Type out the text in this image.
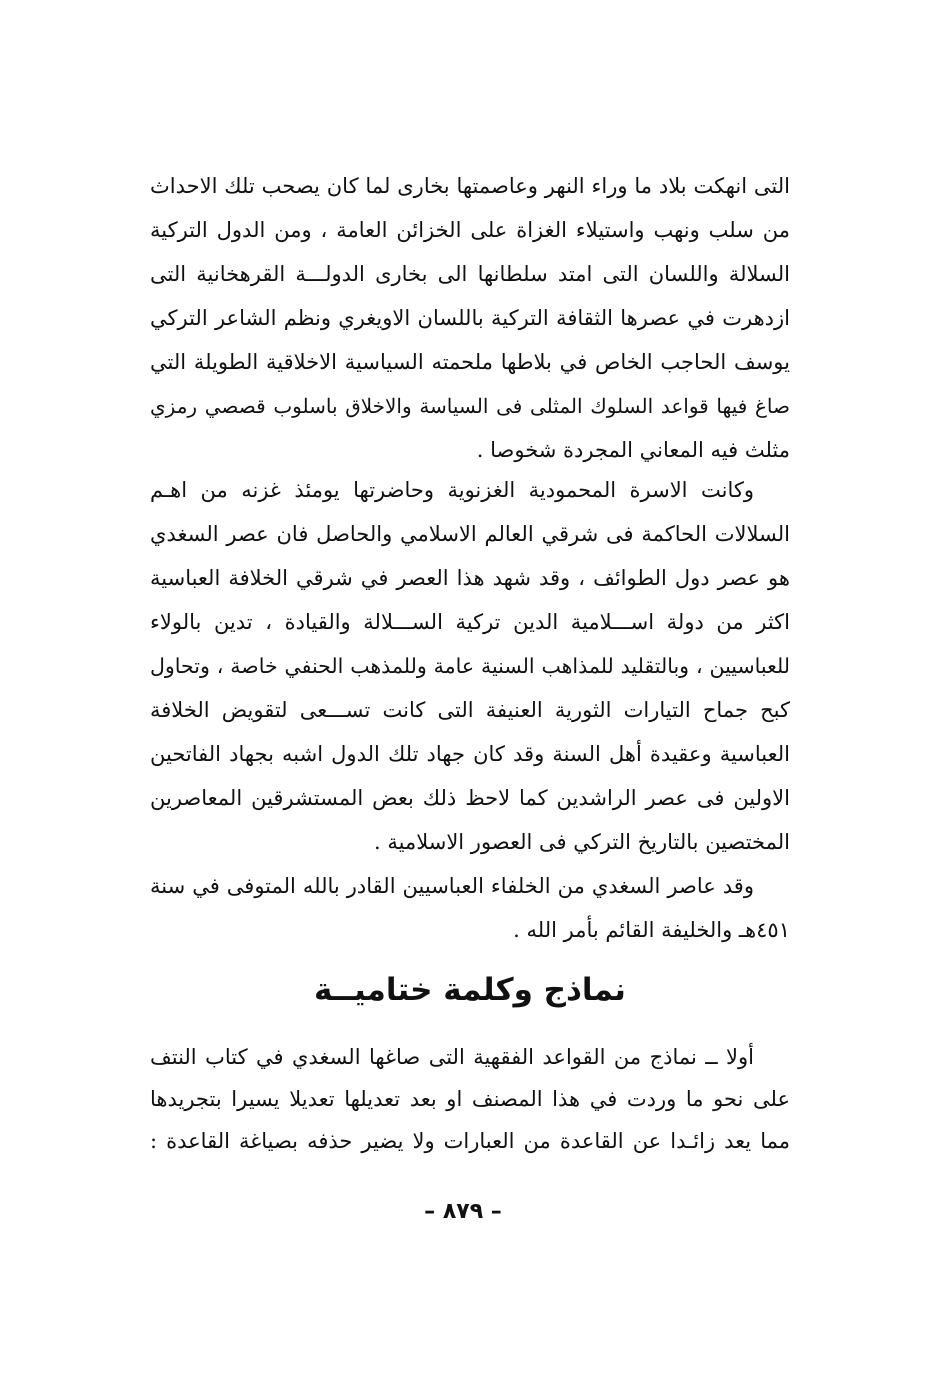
التى انهكت بلاد ما وراء النهر وعاصمتها بخارى لما كان يصحب تلك الاحداث
من سلب ونهب واستيلاء الغزاة على الخزائن العامة ، ومن الدول التركية
السلالة واللسان التى امتد سلطانها الى بخارى الدولـــة القرهخانية التى
ازدهرت في عصرها الثقافة التركية باللسان الاويغري ونظم الشاعر التركي
يوسف الحاجب الخاص في بلاطها ملحمته السياسية الاخلاقية الطويلة التي
صاغ فيها قواعد السلوك المثلى فى السياسة والاخلاق باسلوب قصصي رمزي
مثلث فيه المعاني المجردة شخوصا .
وكانت الاسرة المحمودية الغزنوية وحاضرتها يومئذ غزنه من اهـم
السلالات الحاكمة فى شرقي العالم الاسلامي والحاصل فان عصر السغدي
هو عصر دول الطوائف ، وقد شهد هذا العصر في شرقي الخلافة العباسية
اكثر من دولة اســـلامية الدين تركية الســـلالة والقيادة ، تدين بالولاء
للعباسيين ، وبالتقليد للمذاهب السنية عامة وللمذهب الحنفي خاصة ، وتحاول
كبح جماح التيارات الثورية العنيفة التى كانت تســـعى لتقويض الخلافة
العباسية وعقيدة أهل السنة وقد كان جهاد تلك الدول اشبه بجهاد الفاتحين
الاولين فى عصر الراشدين كما لاحظ ذلك بعض المستشرقين المعاصرين
المختصين بالتاريخ التركي فى العصور الاسلامية .
وقد عاصر السغدي من الخلفاء العباسيين القادر بالله المتوفى في سنة
٤٥١هـ والخليفة القائم بأمر الله .
نماذج وكلمة ختاميــة
أولا ــ نماذج من القواعد الفقهية التى صاغها السغدي في كتاب النتف
على نحو ما وردت في هذا المصنف او بعد تعديلها تعديلا يسيرا بتجريدها
مما يعد زائـدا عن القاعدة من العبارات ولا يضير حذفه بصياغة القاعدة :
– ٨٧٩ –
